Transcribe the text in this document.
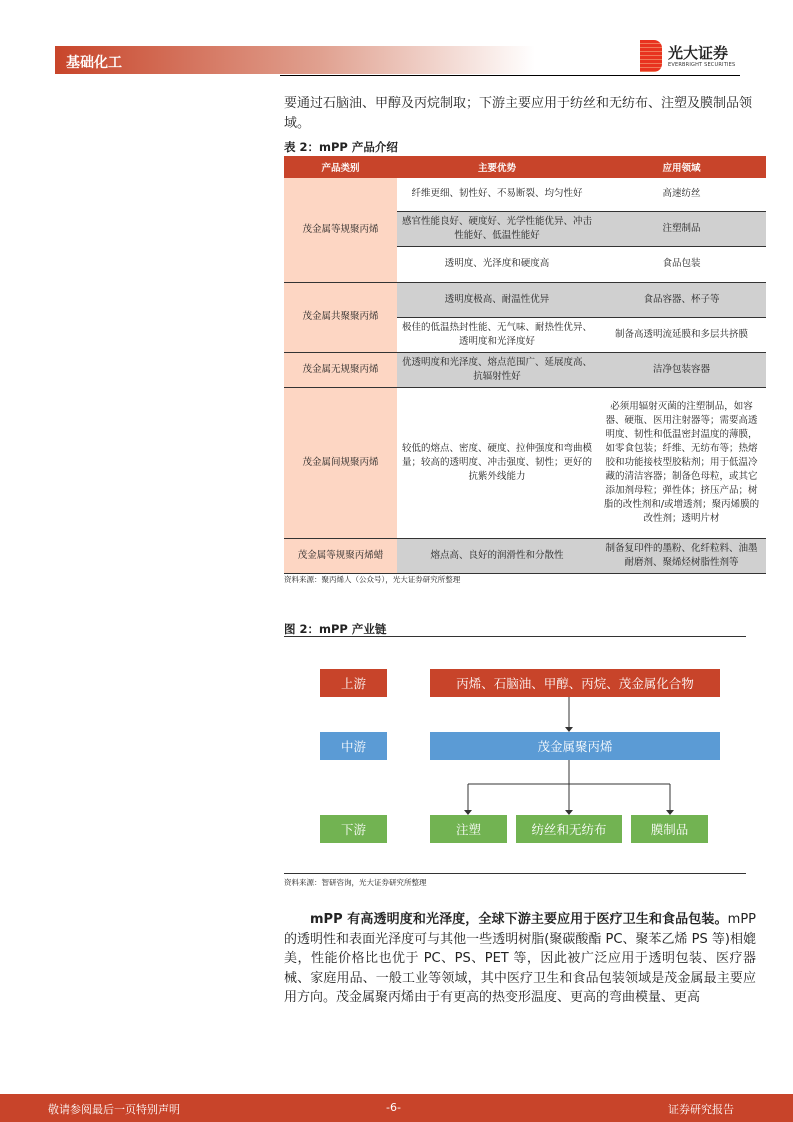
基础化工
光大证券
EVERBRIGHT SECURITIES
要通过石脑油、甲醇及丙烷制取；下游主要应用于纺丝和无纺布、注塑及膜制品领域。
表 2：mPP 产品介绍
产品类别	主要优势	应用领域
茂金属等规聚丙烯	纤维更细、韧性好、不易断裂、均匀性好	高速纺丝
	感官性能良好、硬度好、光学性能优异、冲击性能好、低温性能好	注塑制品
	透明度、光泽度和硬度高	食品包装
茂金属共聚聚丙烯	透明度极高、耐温性优异	食品容器、杯子等
	极佳的低温热封性能、无气味、耐热性优异、透明度和光泽度好	制备高透明流延膜和多层共挤膜
茂金属无规聚丙烯	优透明度和光泽度、熔点范围广、延展度高、抗辐射性好	洁净包装容器
茂金属间规聚丙烯	较低的熔点、密度、硬度、拉伸强度和弯曲模量；较高的透明度、冲击强度、韧性；更好的抗紫外线能力	必须用辐射灭菌的注塑制品，如容器、硬瓶、医用注射器等；需要高透明度、韧性和低温密封温度的薄膜，如零食包装；纤维、无纺布等；热熔胶和功能接枝型胶粘剂；用于低温冷藏的清洁容器；制备色母粒，或其它添加剂母粒；弹性体；挤压产品；树脂的改性剂和/或增透剂；聚丙烯膜的改性剂；透明片材
茂金属等规聚丙烯蜡	熔点高、良好的润滑性和分散性	制备复印件的墨粉、化纤粒料、油墨耐磨剂、聚烯烃树脂性剂等
资料来源：聚丙烯人（公众号），光大证券研究所整理
图 2：mPP 产业链
上游	丙烯、石脑油、甲醇、丙烷、茂金属化合物
中游	茂金属聚丙烯
下游	注塑	纺丝和无纺布	膜制品
资料来源：智研咨询，光大证券研究所整理
mPP 有高透明度和光泽度，全球下游主要应用于医疗卫生和食品包装。mPP 的透明性和表面光泽度可与其他一些透明树脂(聚碳酸酯 PC、聚苯乙烯 PS 等)相媲美，性能价格比也优于 PC、PS、PET 等，因此被广泛应用于透明包装、医疗器械、家庭用品、一般工业等领域，其中医疗卫生和食品包装领域是茂金属最主要应用方向。茂金属聚丙烯由于有更高的热变形温度、更高的弯曲模量、更高
敬请参阅最后一页特别声明	-6-	证券研究报告
